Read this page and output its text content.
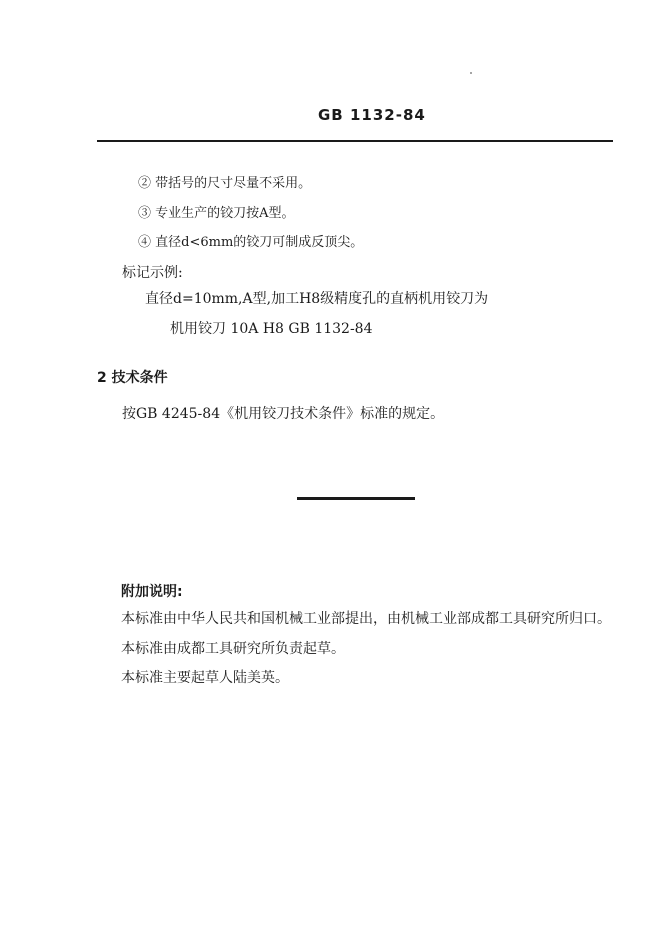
GB 1132-84
② 带括号的尺寸尽量不采用。
③ 专业生产的铰刀按A型。
④ 直径d<6mm的铰刀可制成反顶尖。
标记示例:
直径d=10mm,A型,加工H8级精度孔的直柄机用铰刀为
机用铰刀 10A H8 GB 1132-84
2 技术条件
按GB 4245-84《机用铰刀技术条件》标准的规定。
附加说明:
本标准由中华人民共和国机械工业部提出，由机械工业部成都工具研究所归口。
本标准由成都工具研究所负责起草。
本标准主要起草人陆美英。
